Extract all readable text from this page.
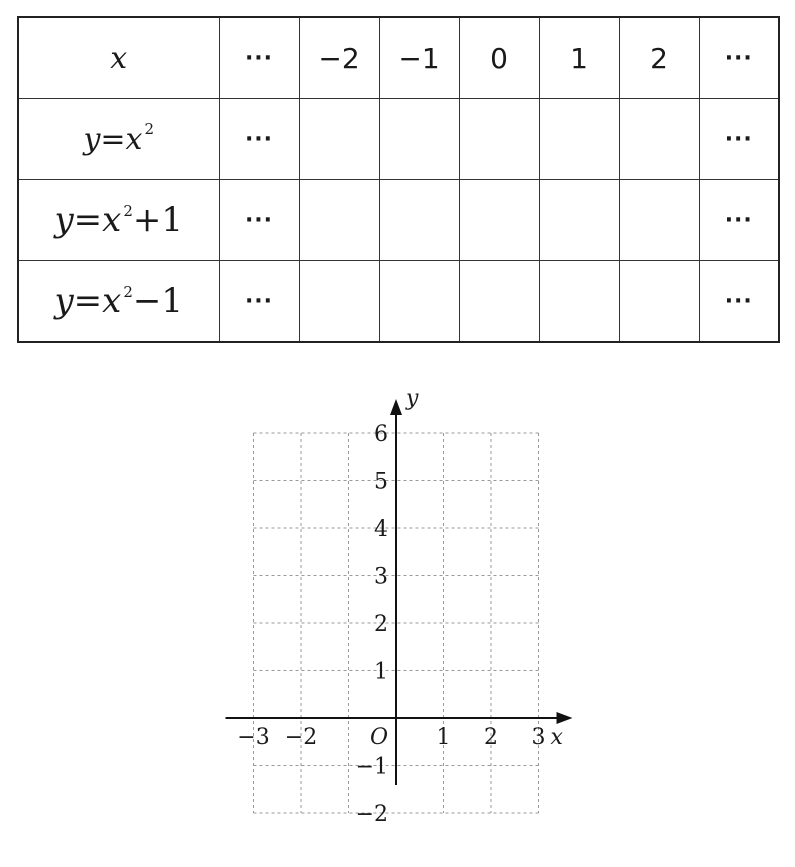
x	···	−2	−1	0	1	2	···
y=x $^2$	···						···
y=x $^2$+1	···						···
y=x $^2$−1	···						···
x
y
O
−3 −2	1 2 3
6
5
4
3
2
1
−1
−2
